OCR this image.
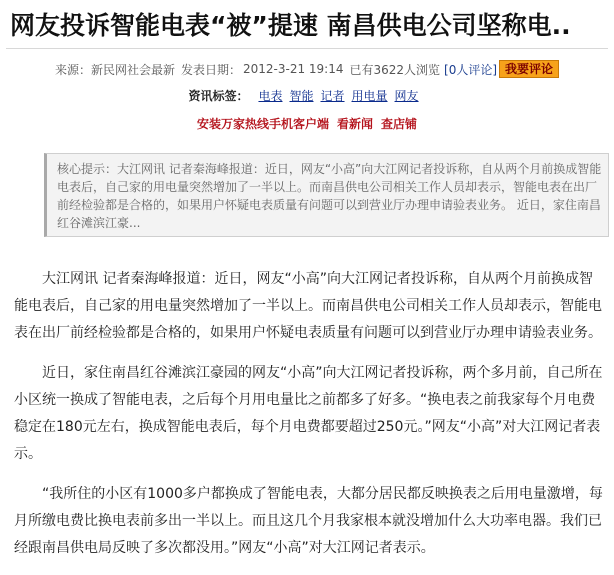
网友投诉智能电表“被”提速 南昌供电公司坚称电..
来源：新民网社会最新 发表日期： 2012-3-21 19:14 已有3622人浏览 [0人评论] 我要评论
资讯标签： 电表 智能 记者 用电量 网友
安装万家热线手机客户端 看新闻 查店铺
核心提示：大江网讯 记者秦海峰报道：近日，网友“小高”向大江网记者投诉称，自从两个月前换成智能电表后，自己家的用电量突然增加了一半以上。而南昌供电公司相关工作人员却表示，智能电表在出厂前经检验都是合格的，如果用户怀疑电表质量有问题可以到营业厅办理申请验表业务。 近日，家住南昌红谷滩滨江豪...

大江网讯 记者秦海峰报道：近日，网友“小高”向大江网记者投诉称，自从两个月前换成智能电表后，自己家的用电量突然增加了一半以上。而南昌供电公司相关工作人员却表示，智能电表在出厂前经检验都是合格的，如果用户怀疑电表质量有问题可以到营业厅办理申请验表业务。

近日，家住南昌红谷滩滨江豪园的网友“小高”向大江网记者投诉称，两个多月前，自己所在小区统一换成了智能电表，之后每个月用电量比之前都多了好多。“换电表之前我家每个月电费稳定在180元左右，换成智能电表后，每个月电费都要超过250元。”网友“小高”对大江网记者表示。

“我所住的小区有1000多户都换成了智能电表，大都分居民都反映换表之后用电量激增，每月所缴电费比换电表前多出一半以上。而且这几个月我家根本就没增加什么大功率电器。我们已经跟南昌供电局反映了多次都没用。”网友“小高”对大江网记者表示。
